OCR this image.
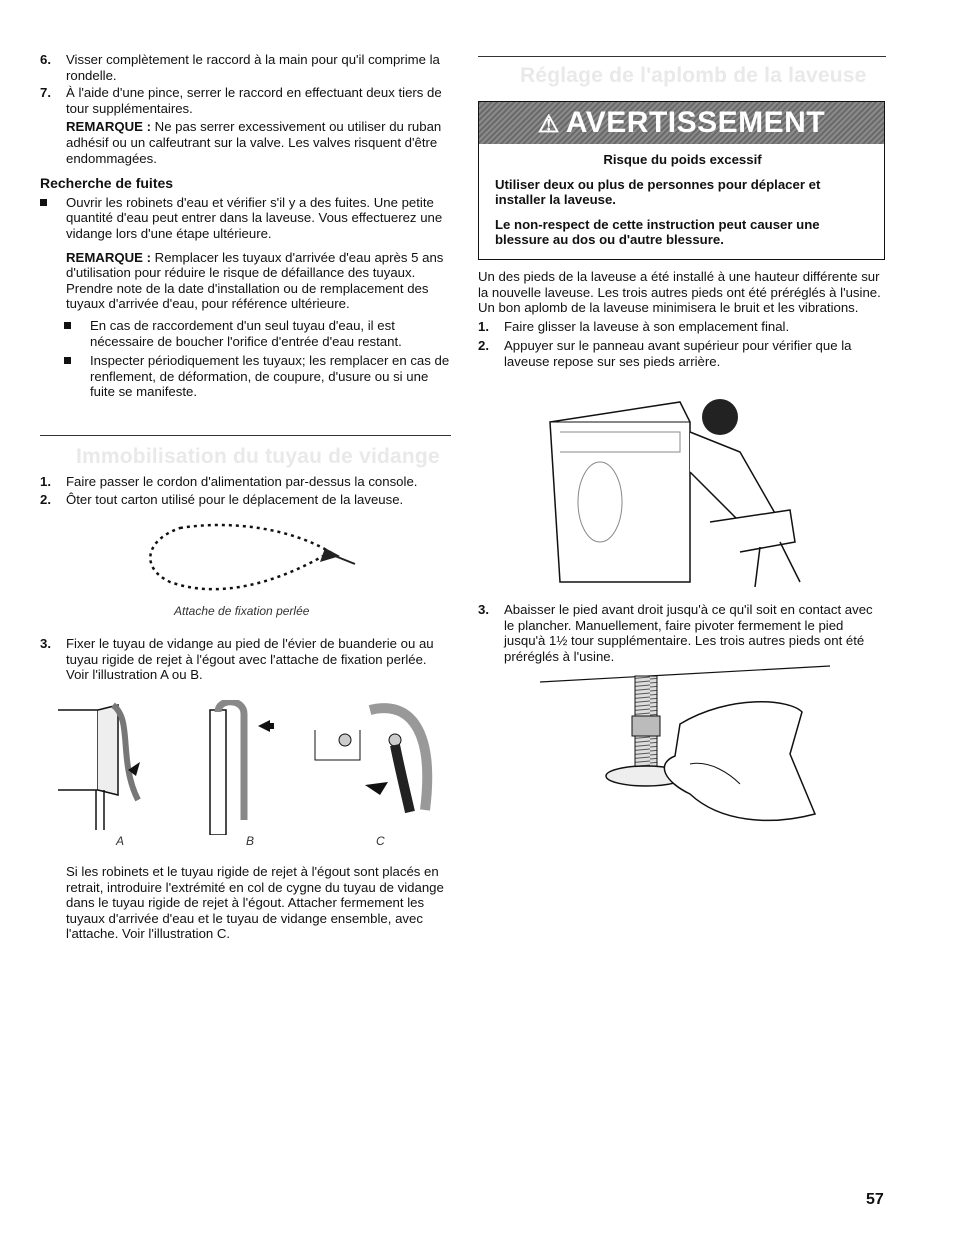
6. Visser complètement le raccord à la main pour qu'il comprime la rondelle.

7. À l'aide d'une pince, serrer le raccord en effectuant deux tiers de tour supplémentaires.

REMARQUE : Ne pas serrer excessivement ou utiliser du ruban adhésif ou un calfeutrant sur la valve. Les valves risquent d'être endommagées.

Recherche de fuites

Ouvrir les robinets d'eau et vérifier s'il y a des fuites. Une petite quantité d'eau peut entrer dans la laveuse. Vous effectuerez une vidange lors d'une étape ultérieure.

REMARQUE : Remplacer les tuyaux d'arrivée d'eau après 5 ans d'utilisation pour réduire le risque de défaillance des tuyaux. Prendre note de la date d'installation ou de remplacement des tuyaux d'arrivée d'eau, pour référence ultérieure.

En cas de raccordement d'un seul tuyau d'eau, il est nécessaire de boucher l'orifice d'entrée d'eau restant.

Inspecter périodiquement les tuyaux; les remplacer en cas de renflement, de déformation, de coupure, d'usure ou si une fuite se manifeste.

Immobilisation du tuyau de vidange
1. Faire passer le cordon d'alimentation par-dessus la console.

2. Ôter tout carton utilisé pour le déplacement de la laveuse.

Attache de fixation perlée
3. Fixer le tuyau de vidange au pied de l'évier de buanderie ou au tuyau rigide de rejet à l'égout avec l'attache de fixation perlée. Voir l'illustration A ou B.

A	B	C

Si les robinets et le tuyau rigide de rejet à l'égout sont placés en retrait, introduire l'extrémité en col de cygne du tuyau de vidange dans le tuyau rigide de rejet à l'égout. Attacher fermement les tuyaux d'arrivée d'eau et le tuyau de vidange ensemble, avec l'attache. Voir l'illustration C.

Réglage de l'aplomb de la laveuse
⚠ AVERTISSEMENT

Risque du poids excessif

Utiliser deux ou plus de personnes pour déplacer et installer la laveuse.

Le non-respect de cette instruction peut causer une blessure au dos ou d'autre blessure.

Un des pieds de la laveuse a été installé à une hauteur différente sur la nouvelle laveuse. Les trois autres pieds ont été préréglés à l'usine. Un bon aplomb de la laveuse minimisera le bruit et les vibrations.

1. Faire glisser la laveuse à son emplacement final.

2. Appuyer sur le panneau avant supérieur pour vérifier que la laveuse repose sur ses pieds arrière.

3. Abaisser le pied avant droit jusqu'à ce qu'il soit en contact avec le plancher. Manuellement, faire pivoter fermement le pied jusqu'à 1½ tour supplémentaire. Les trois autres pieds ont été préréglés à l'usine.

57
